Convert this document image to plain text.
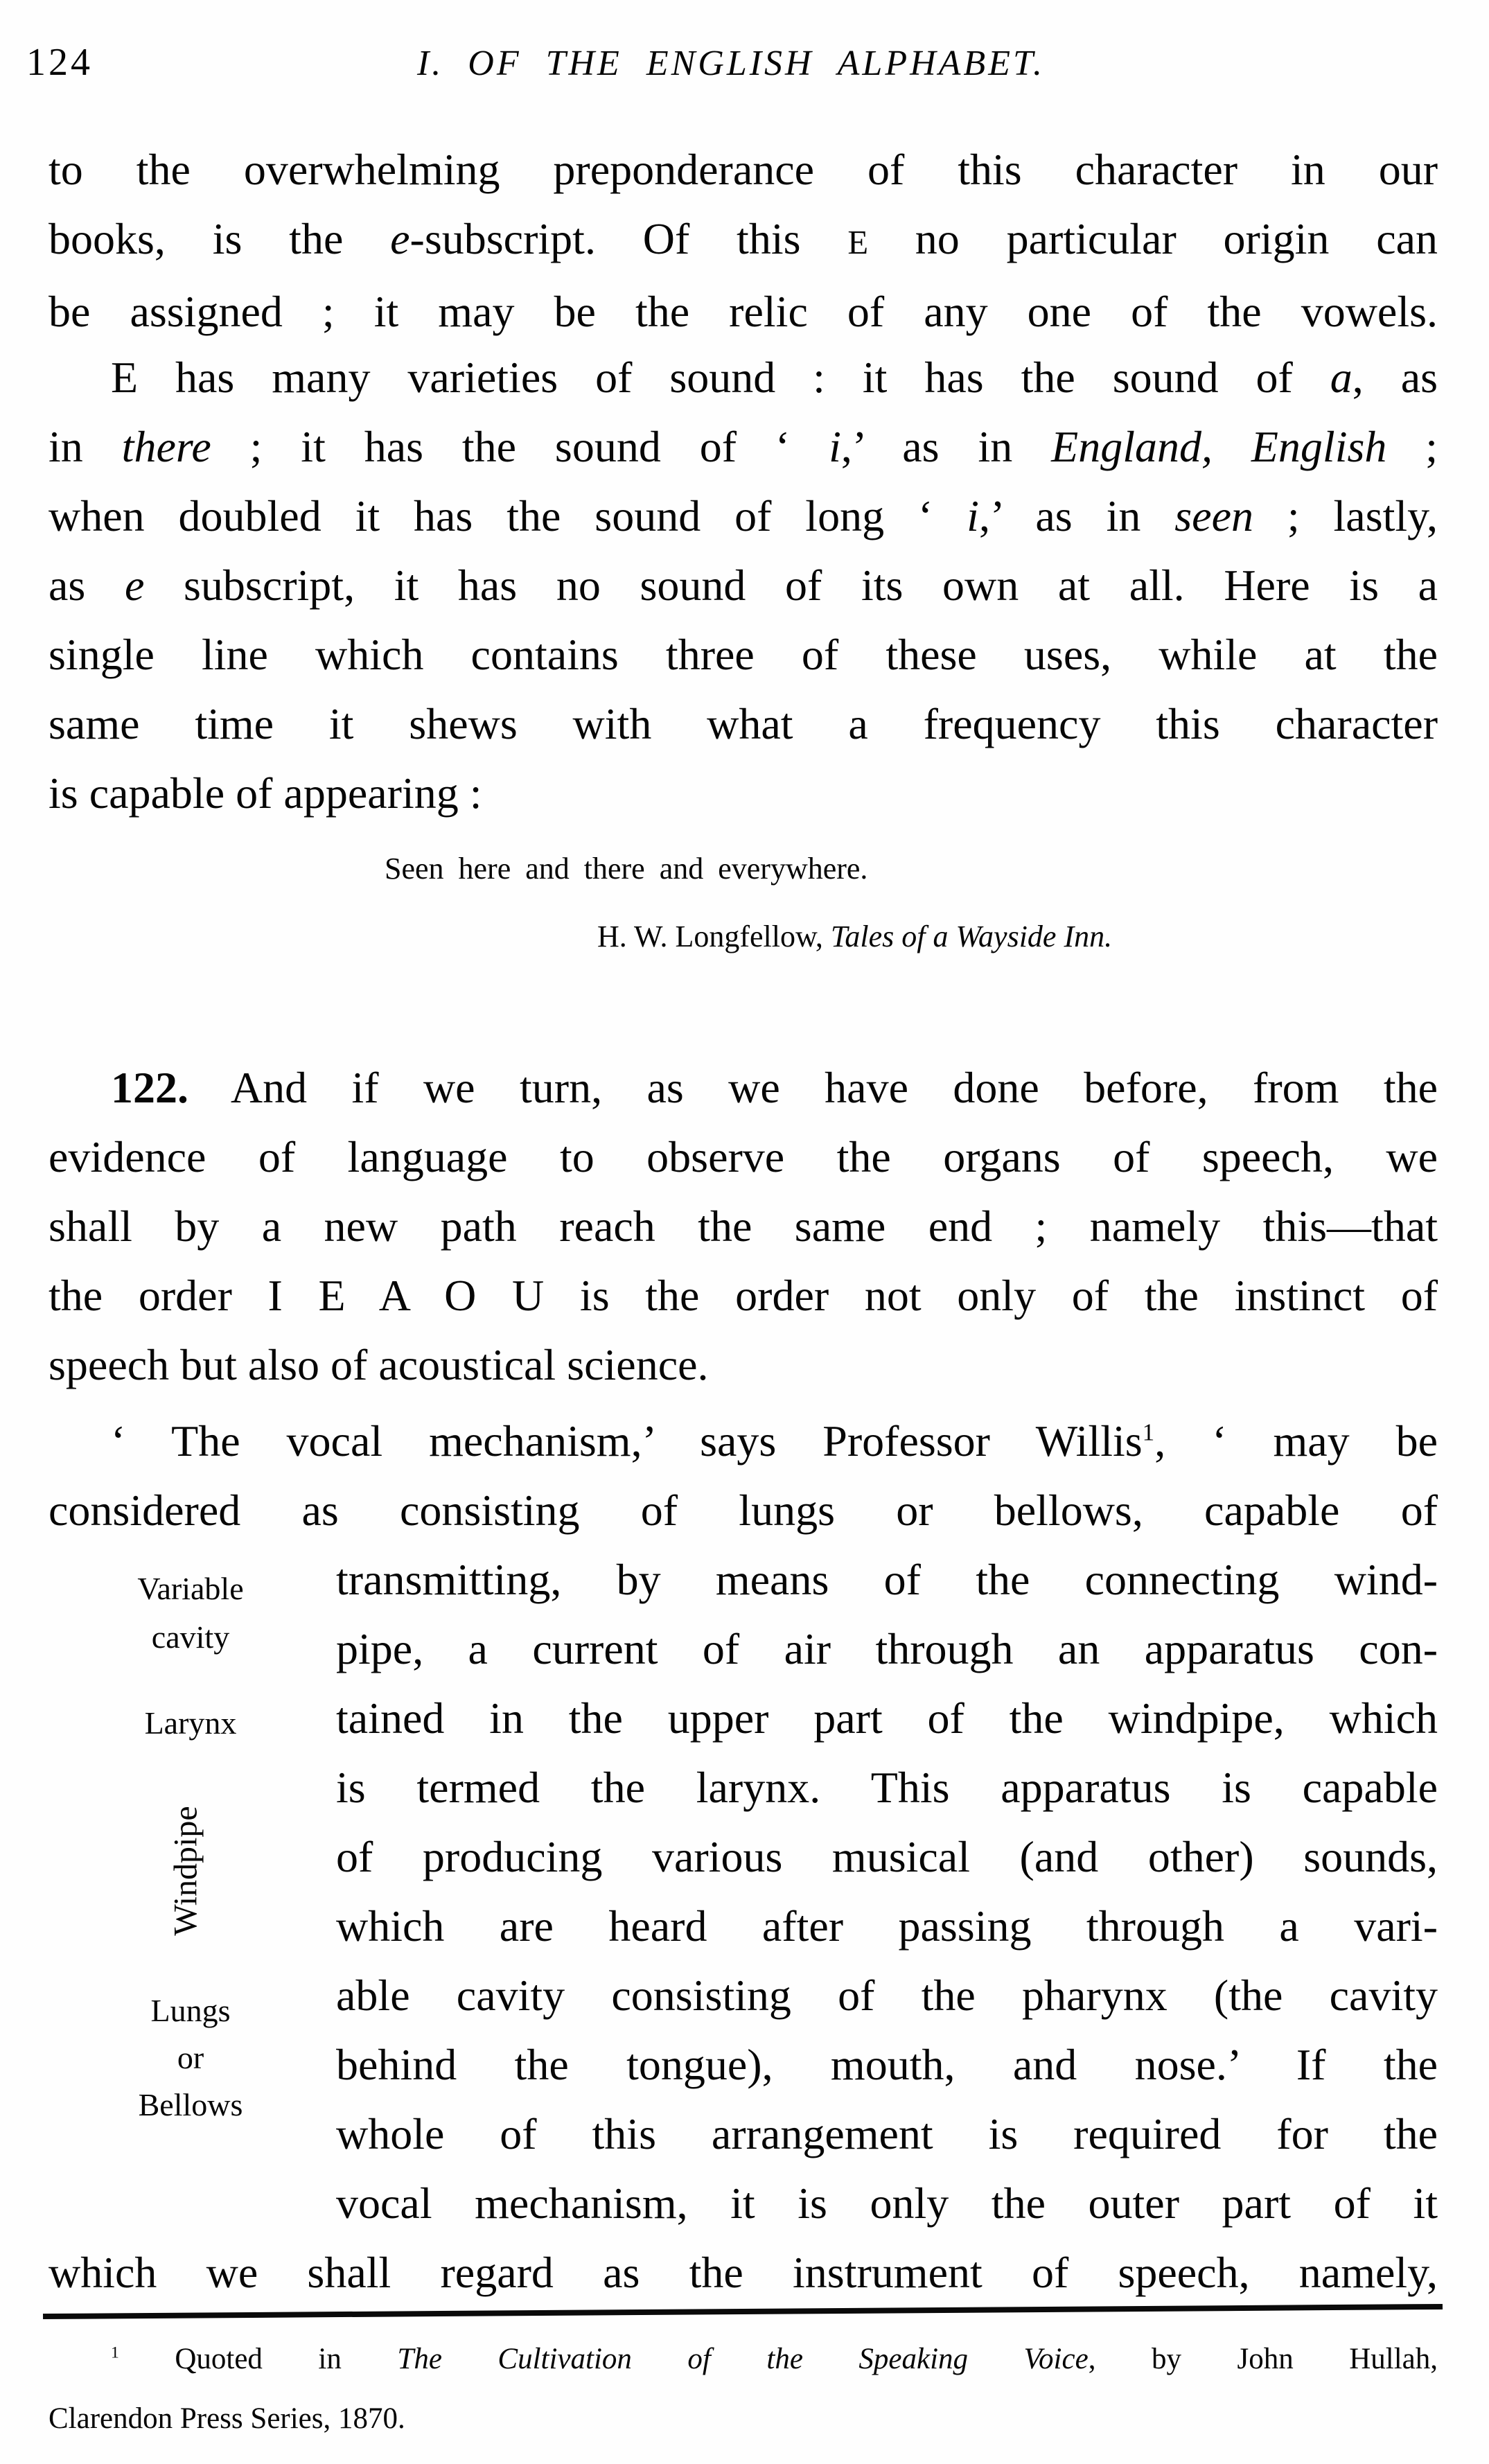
124	I. OF THE ENGLISH ALPHABET.
to the overwhelming preponderance of this character in our
books, is the e-subscript. Of this E no particular origin can
be assigned ; it may be the relic of any one of the vowels.
E has many varieties of sound : it has the sound of a, as
in there ; it has the sound of ‘ i,’ as in England, English ;
when doubled it has the sound of long ‘ i,’ as in seen ; lastly,
as e subscript, it has no sound of its own at all. Here is a
single line which contains three of these uses, while at the
same time it shews with what a frequency this character
is capable of appearing :
Seen here and there and everywhere.
H. W. Longfellow, Tales of a Wayside Inn.
122. And if we turn, as we have done before, from the
evidence of language to observe the organs of speech, we
shall by a new path reach the same end ; namely this—that
the order I E A O U is the order not only of the instinct of
speech but also of acoustical science.
‘ The vocal mechanism,’ says Professor Willis$^1$, ‘ may be
considered as consisting of lungs or bellows, capable of
transmitting, by means of the connecting wind-
pipe, a current of air through an apparatus con-
tained in the upper part of the windpipe, which
is termed the larynx. This apparatus is capable
of producing various musical (and other) sounds,
which are heard after passing through a vari-
able cavity consisting of the pharynx (the cavity
behind the tongue), mouth, and nose.’ If the
whole of this arrangement is required for the
vocal mechanism, it is only the outer part of it
Variable
cavity
Larynx
Windpipe
Lungs
or
Bellows
which we shall regard as the instrument of speech, namely,
$^1$ Quoted in The Cultivation of the Speaking Voice, by John Hullah,
Clarendon Press Series, 1870.
